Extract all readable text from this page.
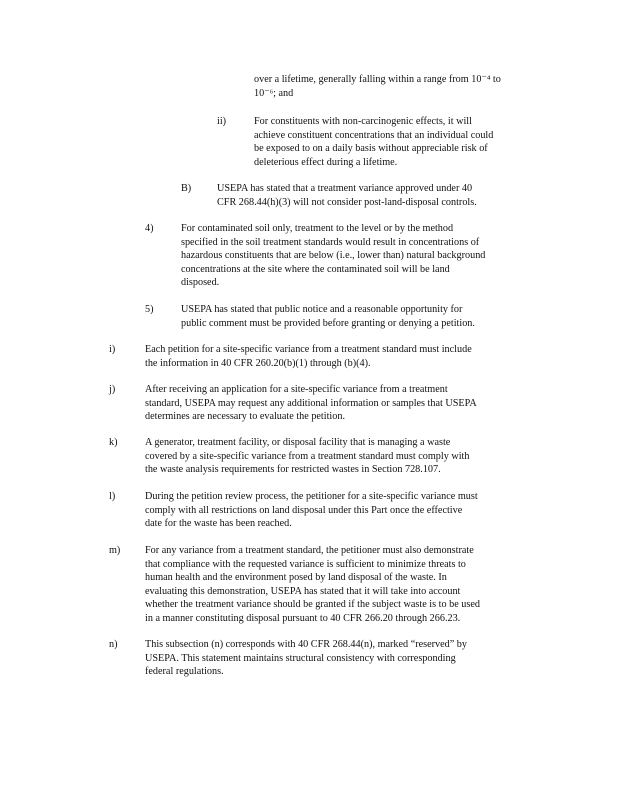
over a lifetime, generally falling within a range from 10⁻⁴ to
10⁻⁶; and
ii)	For constituents with non-carcinogenic effects, it will
achieve constituent concentrations that an individual could
be exposed to on a daily basis without appreciable risk of
deleterious effect during a lifetime.
B)	USEPA has stated that a treatment variance approved under 40
CFR 268.44(h)(3) will not consider post-land-disposal controls.
4)	For contaminated soil only, treatment to the level or by the method
specified in the soil treatment standards would result in concentrations of
hazardous constituents that are below (i.e., lower than) natural background
concentrations at the site where the contaminated soil will be land
disposed.
5)	USEPA has stated that public notice and a reasonable opportunity for
public comment must be provided before granting or denying a petition.
i)	Each petition for a site-specific variance from a treatment standard must include
the information in 40 CFR 260.20(b)(1) through (b)(4).
j)	After receiving an application for a site-specific variance from a treatment
standard, USEPA may request any additional information or samples that USEPA
determines are necessary to evaluate the petition.
k)	A generator, treatment facility, or disposal facility that is managing a waste
covered by a site-specific variance from a treatment standard must comply with
the waste analysis requirements for restricted wastes in Section 728.107.
l)	During the petition review process, the petitioner for a site-specific variance must
comply with all restrictions on land disposal under this Part once the effective
date for the waste has been reached.
m) For any variance from a treatment standard, the petitioner must also demonstrate
that compliance with the requested variance is sufficient to minimize threats to
human health and the environment posed by land disposal of the waste. In
evaluating this demonstration, USEPA has stated that it will take into account
whether the treatment variance should be granted if the subject waste is to be used
in a manner constituting disposal pursuant to 40 CFR 266.20 through 266.23.
n)	This subsection (n) corresponds with 40 CFR 268.44(n), marked “reserved” by
USEPA. This statement maintains structural consistency with corresponding
federal regulations.
